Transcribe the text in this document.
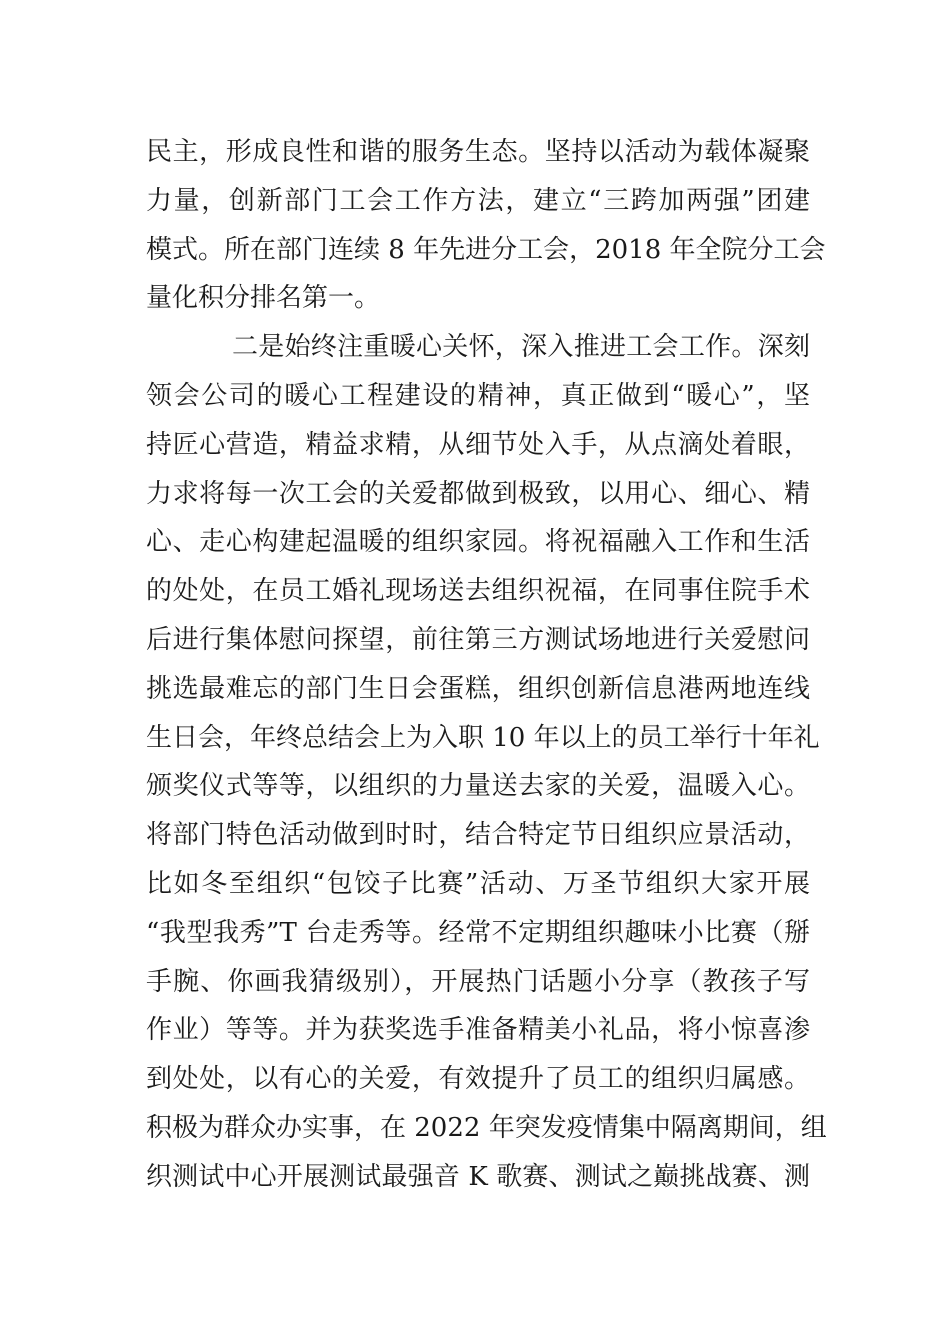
民主，形成良性和谐的服务生态。坚持以活动为载体凝聚
力量，创新部门工会工作方法，建立“三跨加两强”团建
模式。所在部门连续 8 年先进分工会，2018 年全院分工会
量化积分排名第一。
二是始终注重暖心关怀，深入推进工会工作。深刻
领会公司的暖心工程建设的精神，真正做到“暖心”，坚
持匠心营造，精益求精，从细节处入手，从点滴处着眼，
力求将每一次工会的关爱都做到极致，以用心、细心、精
心、走心构建起温暖的组织家园。将祝福融入工作和生活
的处处，在员工婚礼现场送去组织祝福，在同事住院手术
后进行集体慰问探望，前往第三方测试场地进行关爱慰问
挑选最难忘的部门生日会蛋糕，组织创新信息港两地连线
生日会，年终总结会上为入职 10 年以上的员工举行十年礼
颁奖仪式等等，以组织的力量送去家的关爱，温暖入心。
将部门特色活动做到时时，结合特定节日组织应景活动，
比如冬至组织“包饺子比赛”活动、万圣节组织大家开展
“我型我秀”T 台走秀等。经常不定期组织趣味小比赛（掰
手腕、你画我猜级别），开展热门话题小分享（教孩子写
作业）等等。并为获奖选手准备精美小礼品，将小惊喜渗
到处处，以有心的关爱，有效提升了员工的组织归属感。
积极为群众办实事，在 2022 年突发疫情集中隔离期间，组
织测试中心开展测试最强音 K 歌赛、测试之巅挑战赛、测
